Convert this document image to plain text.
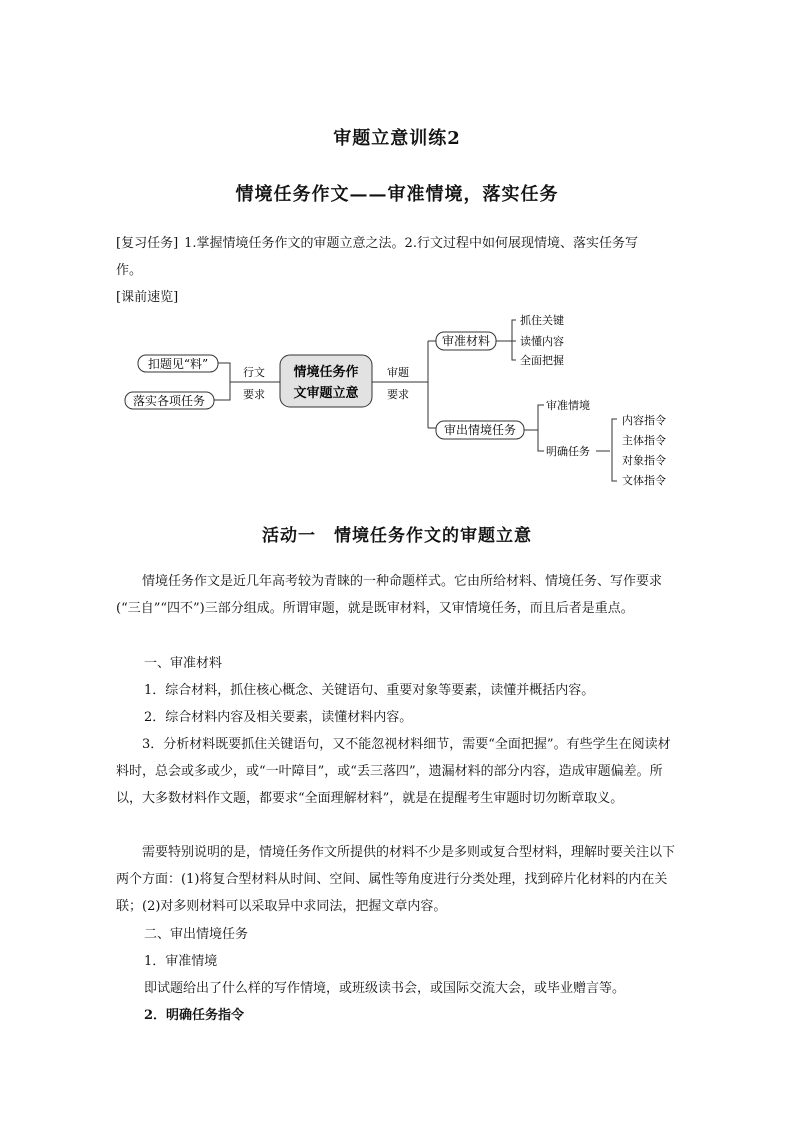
审题立意训练2
情境任务作文——审准情境，落实任务
[复习任务] 1.掌握情境任务作文的审题立意之法。2.行文过程中如何展现情境、落实任务写
作。
[课前速览]
扣题见“料”
落实各项任务
行文
要求
情境任务作
文审题立意
审题
要求
审准材料
抓住关键
读懂内容
全面把握
审出情境任务
审准情境
明确任务
内容指令
主体指令
对象指令
文体指令
活动一　情境任务作文的审题立意

情境任务作文是近几年高考较为青睐的一种命题样式。它由所给材料、情境任务、写作要求(“三自”“四不”)三部分组成。所谓审题，就是既审材料，又审情境任务，而且后者是重点。

一、审准材料
1．综合材料，抓住核心概念、关键语句、重要对象等要素，读懂并概括内容。
2．综合材料内容及相关要素，读懂材料内容。

3．分析材料既要抓住关键语句，又不能忽视材料细节，需要“全面把握”。有些学生在阅读材料时，总会或多或少，或“一叶障目”，或“丢三落四”，遗漏材料的部分内容，造成审题偏差。所以，大多数材料作文题，都要求“全面理解材料”，就是在提醒考生审题时切勿断章取义。

需要特别说明的是，情境任务作文所提供的材料不少是多则或复合型材料，理解时要关注以下两个方面：(1)将复合型材料从时间、空间、属性等角度进行分类处理，找到碎片化材料的内在关联；(2)对多则材料可以采取异中求同法，把握文章内容。

二、审出情境任务
1．审准情境
即试题给出了什么样的写作情境，或班级读书会，或国际交流大会，或毕业赠言等。
2．明确任务指令
